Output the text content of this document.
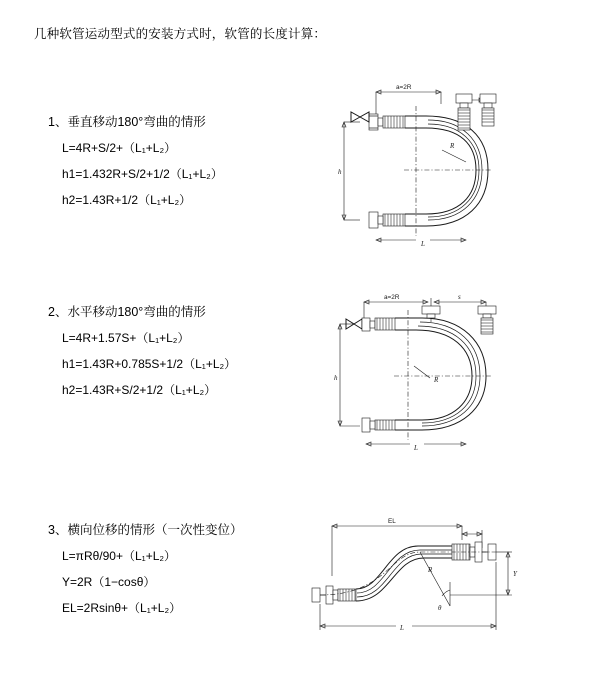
几种软管运动型式的安装方式时，软管的长度计算：
1、垂直移动180°弯曲的情形
L=4R+S/2+（L₁+L₂）
h1=1.432R+S/2+1/2（L₁+L₂）
h2=1.43R+1/2（L₁+L₂）
a=2R
h
R
L
2、水平移动180°弯曲的情形
L=4R+1.57S+（L₁+L₂）
h1=1.43R+0.785S+1/2（L₁+L₂）
h2=1.43R+S/2+1/2（L₁+L₂）
a=2R	s
h	R
L
3、横向位移的情形（一次性变位）
L=πRθ/90+（L₁+L₂）
Y=2R（1−cosθ）
EL=2Rsinθ+（L₁+L₂）
EL
Y
θ
R
L
